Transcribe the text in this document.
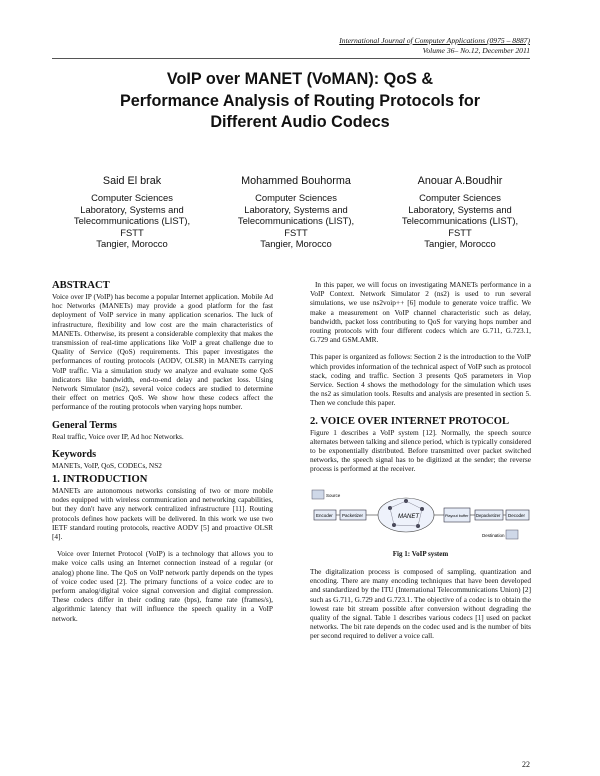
International Journal of Computer Applications (0975 – 8887)
Volume 36– No.12, December 2011
VoIP over MANET (VoMAN): QoS &
Performance Analysis of Routing Protocols for
Different Audio Codecs
Said El brak
Computer Sciences
Laboratory, Systems and
Telecommunications (LIST),
FSTT
Tangier, Morocco
Mohammed Bouhorma
Computer Sciences
Laboratory, Systems and
Telecommunications (LIST),
FSTT
Tangier, Morocco
Anouar A.Boudhir
Computer Sciences
Laboratory, Systems and
Telecommunications (LIST),
FSTT
Tangier, Morocco
ABSTRACT

Voice over IP (VoIP) has become a popular Internet application. Mobile Ad hoc Networks (MANETs) may provide a good platform for the fast deployment of VoIP service in many application scenarios. The luck of infrastructure, flexibility and low cost are the main characteristics of MANETs. Otherwise, its present a considerable complexity that makes the transmission of real-time applications like VoIP a great challenge due to Quality of Service (QoS) requirements. This paper investigates the performances of routing protocols (AODV, OLSR) in MANETs carrying VoIP traffic. Via a simulation study we analyze and evaluate some QoS indicators like bandwidth, end-to-end delay and packet loss. Using Network Simulator (ns2), several voice codecs are studied to determine their effect on metrics QoS. We show how these codecs affect the performance of the routing protocols when varying hops number.

General Terms

Real traffic, Voice over IP, Ad hoc Networks.

Keywords

MANETs, VoIP, QoS, CODECs, NS2

1. INTRODUCTION

MANETs are autonomous networks consisting of two or more mobile nodes equipped with wireless communication and networking capabilities, but they don't have any network centralized infrastructure [11]. Routing protocols defines how packets will be delivered. In this work we use two IETF standard routing protocols, reactive AODV [5] and proactive OLSR [4].

Voice over Internet Protocol (VoIP) is a technology that allows you to make voice calls using an Internet connection instead of a regular (or analog) phone line. The QoS on VoIP network partly depends on the types of voice codec used [2]. The primary functions of a voice codec are to perform analog/digital voice signal conversion and digital compression. These codecs differ in their coding rate (bps), frame rate (frames/s), algorithmic latency that will influence the speech quality in a VoIP network.

In this paper, we will focus on investigating MANETs performance in a VoIP Context. Network Simulator 2 (ns2) is used to run several simulations, we use ns2voip++ [6] module to generate voice traffic. We make a measurement on VoIP channel characteristic such as delay, bandwidth, packet loss contributing to QoS for varying hops number and routing protocols with four different codecs which are G.711, G.723.1, G.729 and GSM.AMR.

This paper is organized as follows: Section 2 is the introduction to the VoIP which provides information of the technical aspect of VoIP such as protocol stack, coding and traffic. Section 3 presents QoS parameters in Viop Service. Section 4 shows the methodology for the simulation which uses the ns2 as simulation tools. Results and analysis are presented in section 5. Then we conclude this paper.

2. VOICE OVER INTERNET PROTOCOL

Figure 1 describes a VoIP system [12]. Normally, the speech source alternates between talking and silence period, which is typically considered to be exponentially distributed. Before transmitted over packet switched networks, the speech signal has to be digitized at the sender; the reverse process is performed at the receiver.

Source
Encoder Packetizer	MANET	Playout buffer Depacketizer Decoder
Destination
Fig 1: VoIP system

The digitalization process is composed of sampling, quantization and encoding. There are many encoding techniques that have been developed and standardized by the ITU (International Telecommunications Union) [2] such as G.711, G.729 and G.723.1. The objective of a codec is to obtain the lowest rate bit stream possible after conversion without degrading the quality of the signal. Table 1 describes various codecs [1] used on packet networks. The bit rate depends on the codec used and is the number of bits per second required to deliver a voice call.

22
